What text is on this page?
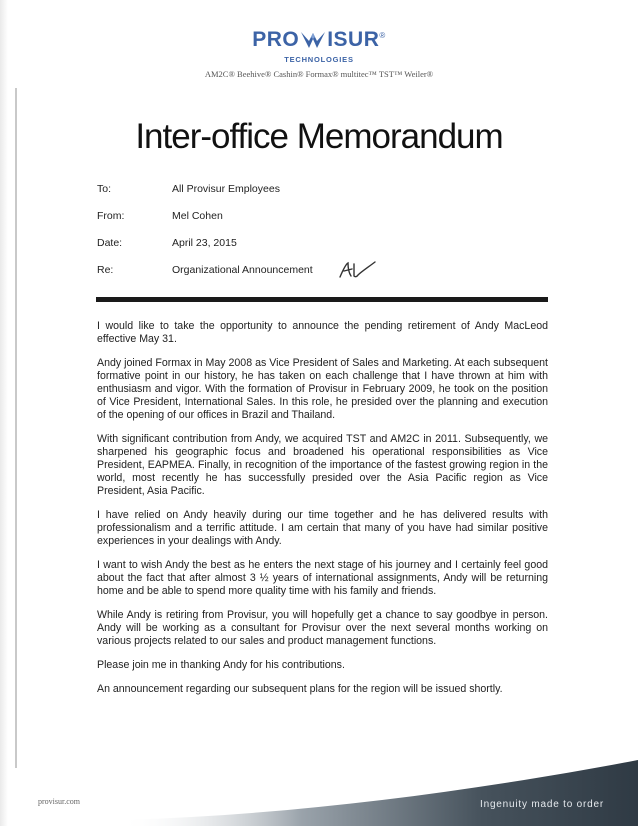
PRO ISUR®
TECHNOLOGIES
AM2C® Beehive® Cashin® Formax® multitec™ TST™ Weiler®
Inter-office Memorandum
To:	All Provisur Employees
From:	Mel Cohen
Date:	April 23, 2015
Re:	Organizational Announcement

I would like to take the opportunity to announce the pending retirement of Andy MacLeod effective May 31.

Andy joined Formax in May 2008 as Vice President of Sales and Marketing. At each subsequent formative point in our history, he has taken on each challenge that I have thrown at him with enthusiasm and vigor. With the formation of Provisur in February 2009, he took on the position of Vice President, International Sales. In this role, he presided over the planning and execution of the opening of our offices in Brazil and Thailand.

With significant contribution from Andy, we acquired TST and AM2C in 2011. Subsequently, we sharpened his geographic focus and broadened his operational responsibilities as Vice President, EAPMEA. Finally, in recognition of the importance of the fastest growing region in the world, most recently he has successfully presided over the Asia Pacific region as Vice President, Asia Pacific.

I have relied on Andy heavily during our time together and he has delivered results with professionalism and a terrific attitude. I am certain that many of you have had similar positive experiences in your dealings with Andy.

I want to wish Andy the best as he enters the next stage of his journey and I certainly feel good about the fact that after almost 3 ½ years of international assignments, Andy will be returning home and be able to spend more quality time with his family and friends.

While Andy is retiring from Provisur, you will hopefully get a chance to say goodbye in person. Andy will be working as a consultant for Provisur over the next several months working on various projects related to our sales and product management functions.

Please join me in thanking Andy for his contributions.

An announcement regarding our subsequent plans for the region will be issued shortly.

provisur.com	Ingenuity made to order
